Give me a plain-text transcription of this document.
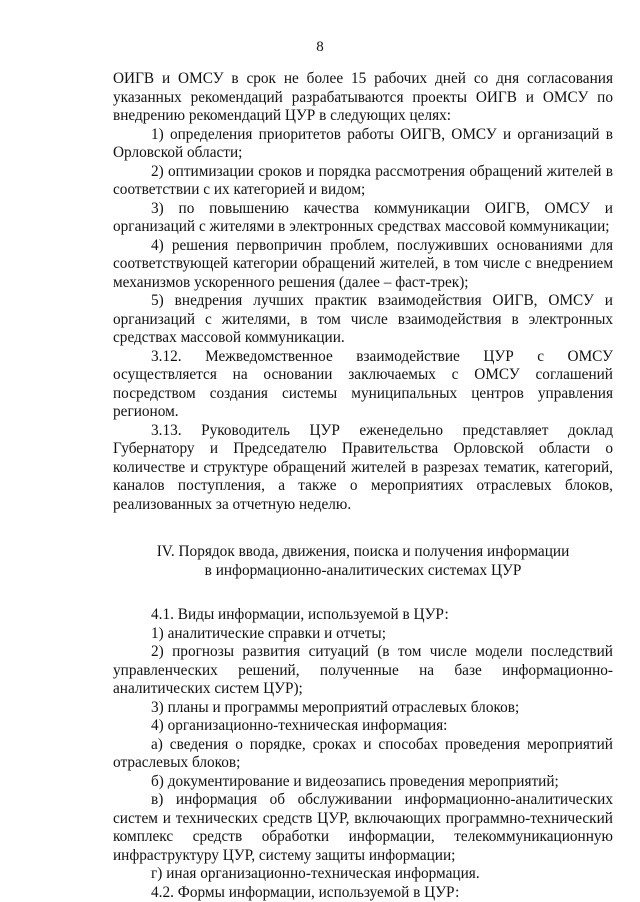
8

ОИГВ и ОМСУ в срок не более 15 рабочих дней со дня согласования указанных рекомендаций разрабатываются проекты ОИГВ и ОМСУ по внедрению рекомендаций ЦУР в следующих целях:

1) определения приоритетов работы ОИГВ, ОМСУ и организаций в Орловской области;

2) оптимизации сроков и порядка рассмотрения обращений жителей в соответствии с их категорией и видом;

3) по повышению качества коммуникации ОИГВ, ОМСУ и организаций с жителями в электронных средствах массовой коммуникации;

4) решения первопричин проблем, послуживших основаниями для соответствующей категории обращений жителей, в том числе с внедрением механизмов ускоренного решения (далее – фаст-трек);

5) внедрения лучших практик взаимодействия ОИГВ, ОМСУ и организаций с жителями, в том числе взаимодействия в электронных средствах массовой коммуникации.

3.12. Межведомственное взаимодействие ЦУР с ОМСУ осуществляется на основании заключаемых с ОМСУ соглашений посредством создания системы муниципальных центров управления регионом.

3.13. Руководитель ЦУР еженедельно представляет доклад Губернатору и Председателю Правительства Орловской области о количестве и структуре обращений жителей в разрезах тематик, категорий, каналов поступления, а также о мероприятиях отраслевых блоков, реализованных за отчетную неделю.

IV. Порядок ввода, движения, поиска и получения информации
в информационно-аналитических системах ЦУР

4.1. Виды информации, используемой в ЦУР:

1) аналитические справки и отчеты;

2) прогнозы развития ситуаций (в том числе модели последствий управленческих решений, полученные на базе информационно-аналитических систем ЦУР);

3) планы и программы мероприятий отраслевых блоков;

4) организационно-техническая информация:

а) сведения о порядке, сроках и способах проведения мероприятий отраслевых блоков;

б) документирование и видеозапись проведения мероприятий;

в) информация об обслуживании информационно-аналитических систем и технических средств ЦУР, включающих программно-технический комплекс средств обработки информации, телекоммуникационную инфраструктуру ЦУР, систему защиты информации;

г) иная организационно-техническая информация.

4.2. Формы информации, используемой в ЦУР:
